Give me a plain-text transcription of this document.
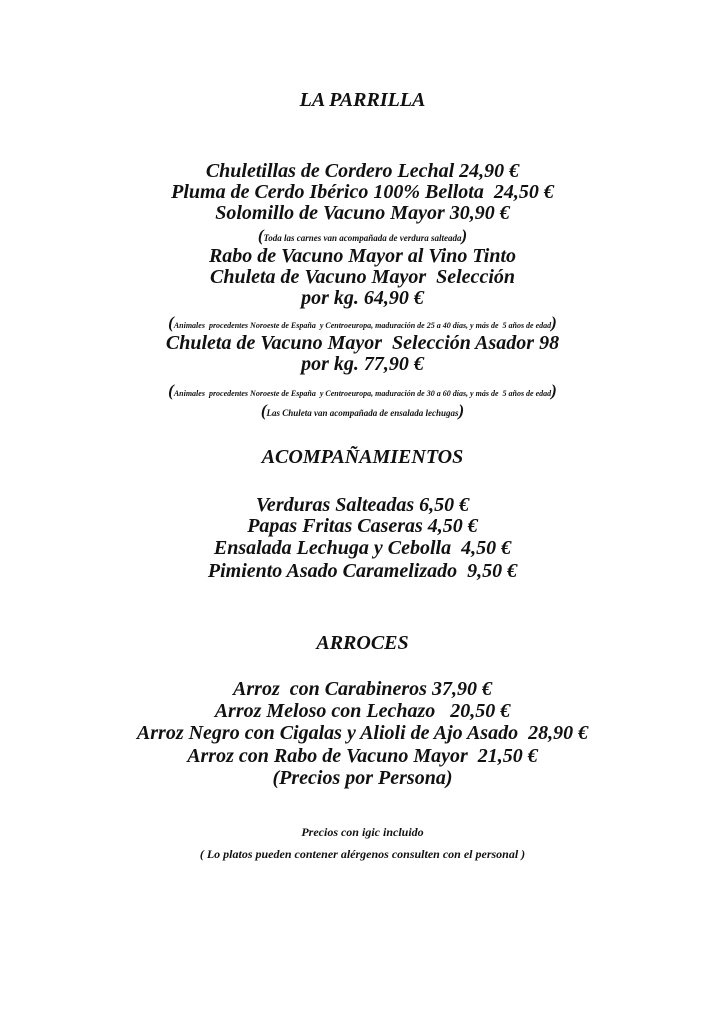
LA PARRILLA
Chuletillas de Cordero Lechal 24,90 €
Pluma de Cerdo Ibérico 100% Bellota  24,50 €
Solomillo de Vacuno Mayor 30,90 €
(Toda las carnes van acompañada de verdura salteada)
Rabo de Vacuno Mayor al Vino Tinto
Chuleta de Vacuno Mayor  Selección
por kg. 64,90 €
(Animales  procedentes Noroeste de España  y Centroeuropa, maduración de 25 a 40 días, y más de  5 años de edad)
Chuleta de Vacuno Mayor  Selección Asador 98
por kg. 77,90 €
(Animales  procedentes Noroeste de España  y Centroeuropa, maduración de 30 a 60 días, y más de  5 años de edad)
(Las Chuleta van acompañada de ensalada lechugas)
ACOMPAÑAMIENTOS
Verduras Salteadas 6,50 €
Papas Fritas Caseras 4,50 €
Ensalada Lechuga y Cebolla  4,50 €
Pimiento Asado Caramelizado  9,50 €
ARROCES
Arroz  con Carabineros 37,90 €
Arroz Meloso con Lechazo   20,50 €
Arroz Negro con Cigalas y Alioli de Ajo Asado  28,90 €
Arroz con Rabo de Vacuno Mayor  21,50 €
(Precios por Persona)
Precios con igic incluido
( Lo platos pueden contener alérgenos consulten con el personal )
